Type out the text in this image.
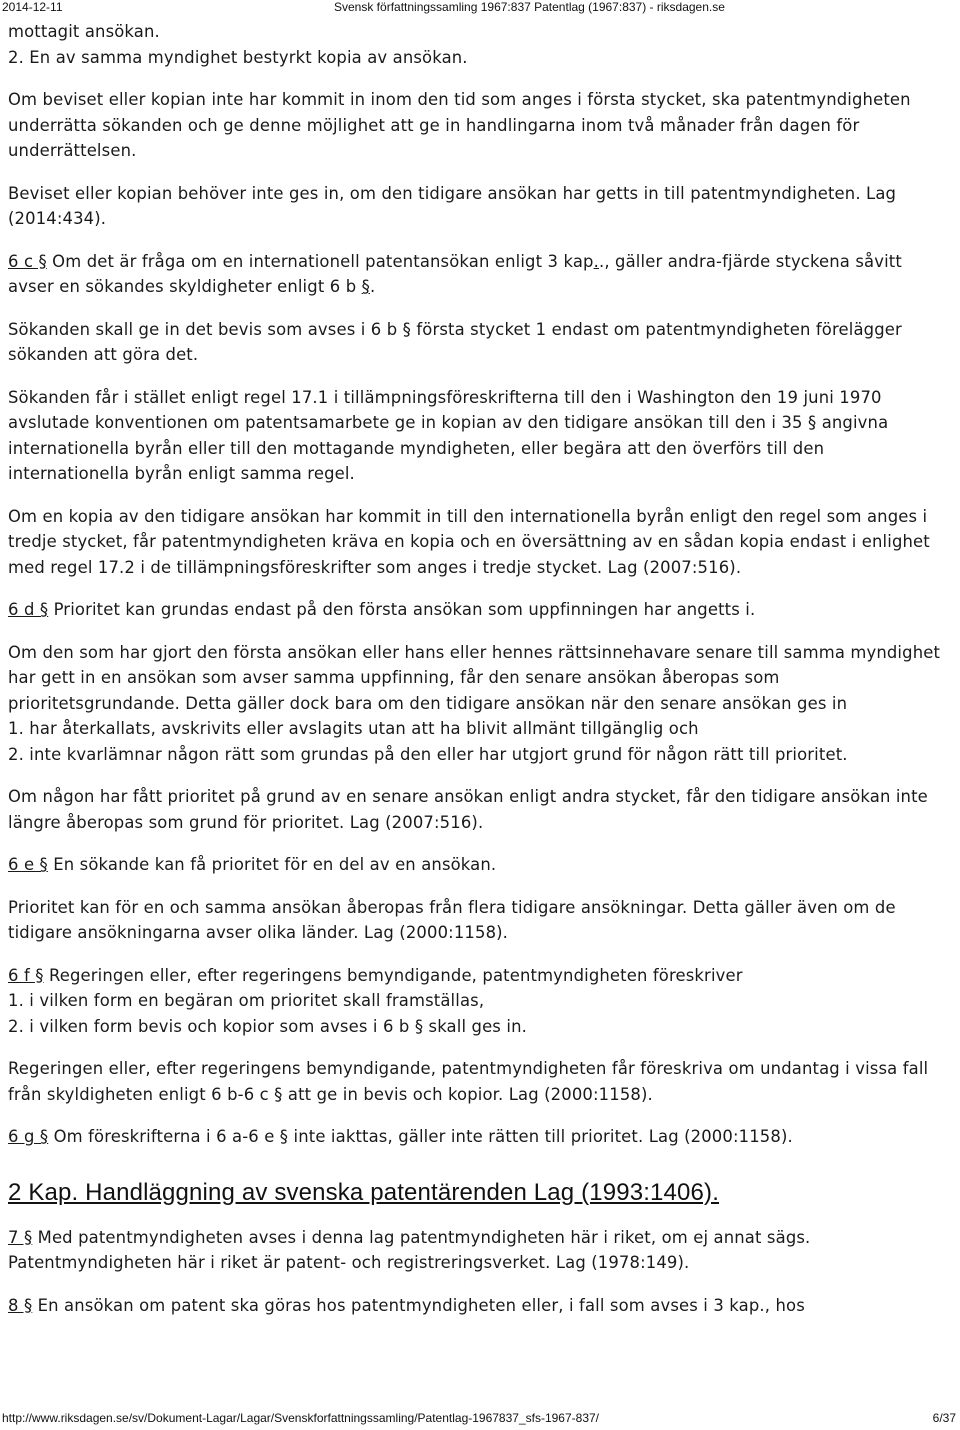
2014-12-11	Svensk författningssamling 1967:837 Patentlag (1967:837) - riksdagen.se

mottagit ansökan.
2. En av samma myndighet bestyrkt kopia av ansökan.

Om beviset eller kopian inte har kommit in inom den tid som anges i första stycket, ska patentmyndigheten underrätta sökanden och ge denne möjlighet att ge in handlingarna inom två månader från dagen för underrättelsen.

Beviset eller kopian behöver inte ges in, om den tidigare ansökan har getts in till patentmyndigheten. Lag (2014:434).

6 c § Om det är fråga om en internationell patentansökan enligt 3 kap.., gäller andra-fjärde styckena såvitt avser en sökandes skyldigheter enligt 6 b §.

Sökanden skall ge in det bevis som avses i 6 b § första stycket 1 endast om patentmyndigheten förelägger sökanden att göra det.

Sökanden får i stället enligt regel 17.1 i tillämpningsföreskrifterna till den i Washington den 19 juni 1970 avslutade konventionen om patentsamarbete ge in kopian av den tidigare ansökan till den i 35 § angivna internationella byrån eller till den mottagande myndigheten, eller begära att den överförs till den internationella byrån enligt samma regel.

Om en kopia av den tidigare ansökan har kommit in till den internationella byrån enligt den regel som anges i tredje stycket, får patentmyndigheten kräva en kopia och en översättning av en sådan kopia endast i enlighet med regel 17.2 i de tillämpningsföreskrifter som anges i tredje stycket. Lag (2007:516).

6 d § Prioritet kan grundas endast på den första ansökan som uppfinningen har angetts i.

Om den som har gjort den första ansökan eller hans eller hennes rättsinnehavare senare till samma myndighet har gett in en ansökan som avser samma uppfinning, får den senare ansökan åberopas som prioritetsgrundande. Detta gäller dock bara om den tidigare ansökan när den senare ansökan ges in
1. har återkallats, avskrivits eller avslagits utan att ha blivit allmänt tillgänglig och
2. inte kvarlämnar någon rätt som grundas på den eller har utgjort grund för någon rätt till prioritet.

Om någon har fått prioritet på grund av en senare ansökan enligt andra stycket, får den tidigare ansökan inte längre åberopas som grund för prioritet. Lag (2007:516).

6 e § En sökande kan få prioritet för en del av en ansökan.

Prioritet kan för en och samma ansökan åberopas från flera tidigare ansökningar. Detta gäller även om de tidigare ansökningarna avser olika länder. Lag (2000:1158).

6 f § Regeringen eller, efter regeringens bemyndigande, patentmyndigheten föreskriver
1. i vilken form en begäran om prioritet skall framställas,
2. i vilken form bevis och kopior som avses i 6 b § skall ges in.

Regeringen eller, efter regeringens bemyndigande, patentmyndigheten får föreskriva om undantag i vissa fall från skyldigheten enligt 6 b-6 c § att ge in bevis och kopior. Lag (2000:1158).

6 g § Om föreskrifterna i 6 a-6 e § inte iakttas, gäller inte rätten till prioritet. Lag (2000:1158).

2 Kap. Handläggning av svenska patentärenden Lag (1993:1406).

7 § Med patentmyndigheten avses i denna lag patentmyndigheten här i riket, om ej annat sägs. Patentmyndigheten här i riket är patent- och registreringsverket. Lag (1978:149).

8 § En ansökan om patent ska göras hos patentmyndigheten eller, i fall som avses i 3 kap., hos

http://www.riksdagen.se/sv/Dokument-Lagar/Lagar/Svenskforfattningssamling/Patentlag-1967837_sfs-1967-837/	6/37
